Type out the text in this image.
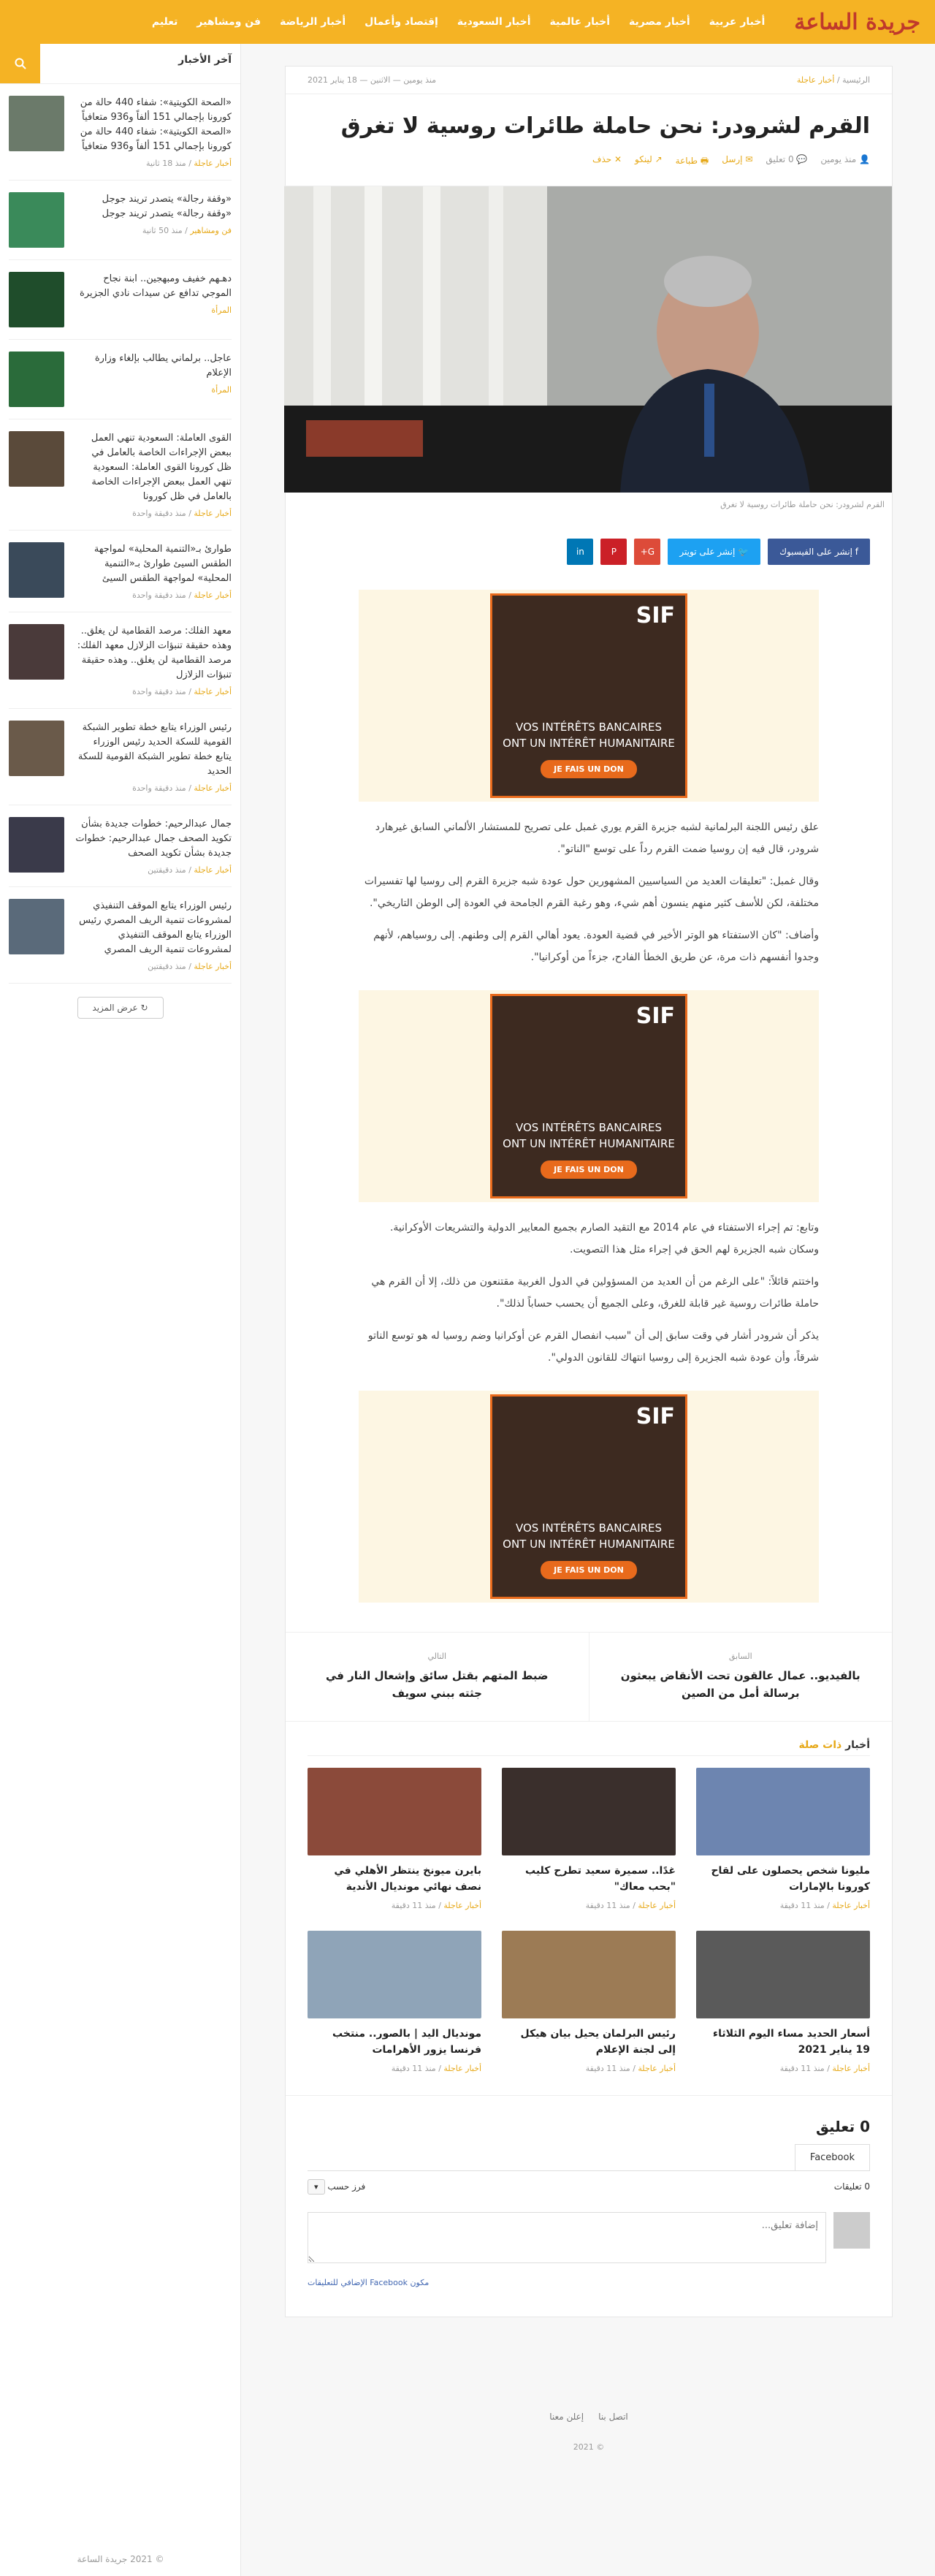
جريدة الساعة
أخبار عربية
أخبار مصرية
أخبار عالمية
أخبار السعودية
إقتصاد وأعمال
أخبار الرياضة
فن ومشاهير
تعليم
آخر الأخبار
«الصحة الكويتية»: شفاء 440 حالة من كورونا بإجمالي 151 ألفاً و936 متعافياً «الصحة الكويتية»: شفاء 440 حالة من كورونا بإجمالي 151 ألفاً و936 متعافياً
أخبار عاجلة / منذ 18 ثانية
«وقفة رجالة» يتصدر تريند جوجل «وقفة رجالة» يتصدر تريند جوجل
فن ومشاهير / منذ 50 ثانية
دهـهم خفيف ومبهجين.. ابنة نجاح الموجي تدافع عن سيدات نادي الجزيرة
المرأة
عاجل.. برلماني يطالب بإلغاء وزارة الإعلام
المرأة
القوى العاملة: السعودية تنهي العمل ببعض الإجراءات الخاصة بالعامل في ظل كورونا القوى العاملة: السعودية تنهي العمل ببعض الإجراءات الخاصة بالعامل في ظل كورونا
أخبار عاجلة / منذ دقيقة واحدة
طوارئ بـ«التنمية المحلية» لمواجهة الطقس السيئ طوارئ بـ«التنمية المحلية» لمواجهة الطقس السيئ
أخبار عاجلة / منذ دقيقة واحدة
معهد الفلك: مرصد القطامية لن يغلق.. وهذه حقيقة تنبؤات الزلازل معهد الفلك: مرصد القطامية لن يغلق.. وهذه حقيقة تنبؤات الزلازل
أخبار عاجلة / منذ دقيقة واحدة
رئيس الوزراء يتابع خطة تطوير الشبكة القومية للسكة الحديد رئيس الوزراء يتابع خطة تطوير الشبكة القومية للسكة الحديد
أخبار عاجلة / منذ دقيقة واحدة
جمال عبدالرحيم: خطوات جديدة بشأن تكويد الصحف جمال عبدالرحيم: خطوات جديدة بشأن تكويد الصحف
أخبار عاجلة / منذ دقيقتين
رئيس الوزراء يتابع الموقف التنفيذي لمشروعات تنمية الريف المصري رئيس الوزراء يتابع الموقف التنفيذي لمشروعات تنمية الريف المصري
أخبار عاجلة / منذ دقيقتين
↻ عرض المزيد
© 2021 جريدة الساعة
الرئيسية / أخبار عاجلة
منذ يومين — الاثنين — 18 يناير 2021
القرم لشرودر: نحن حاملة طائرات روسية لا تغرق
👤 منذ يومين
💬 0 تعليق
✉ إرسل
🖶 طباعة
↗ لينكو
✕ حذف
القرم لشرودر: نحن حاملة طائرات روسية لا تغرق
f
إنشر على الفيسبوك
🐦
إنشر على تويتر
G+
P
in
SIF
VOS INTÉRÊTS BANCAIRES
ONT UN INTÉRÊT HUMANITAIRE
JE FAIS UN DON

علق رئيس اللجنة البرلمانية لشبه جزيرة القرم يوري غمبل على تصريح للمستشار الألماني السابق غيرهارد شرودر، قال فيه إن روسيا ضمت القرم رداً على توسع "الناتو".

وقال غمبل: "تعليقات العديد من السياسيين المشهورين حول عودة شبه جزيرة القرم إلى روسيا لها تفسيرات مختلفة، لكن للأسف كثير منهم ينسون أهم شيء، وهو رغبة القرم الجامحة في العودة إلى الوطن التاريخي".

وأضاف: "كان الاستفتاء هو الوتر الأخير في قضية العودة. يعود أهالي القرم إلى وطنهم. إلى روسياهم، لأنهم وجدوا أنفسهم ذات مرة، عن طريق الخطأ الفادح، جزءاً من أوكرانيا".

SIF
VOS INTÉRÊTS BANCAIRES
ONT UN INTÉRÊT HUMANITAIRE
JE FAIS UN DON

وتابع: تم إجراء الاستفتاء في عام 2014 مع التقيد الصارم بجميع المعايير الدولية والتشريعات الأوكرانية. وسكان شبه الجزيرة لهم الحق في إجراء مثل هذا التصويت.

واختتم قائلاً: "على الرغم من أن العديد من المسؤولين في الدول الغربية مقتنعون من ذلك، إلا أن القرم هي حاملة طائرات روسية غير قابلة للغرق، وعلى الجميع أن يحسب حساباً لذلك".

يذكر أن شرودر أشار في وقت سابق إلى أن "سبب انفصال القرم عن أوكرانيا وضم روسيا له هو توسع الناتو شرقاً، وأن عودة شبه الجزيرة إلى روسيا انتهاك للقانون الدولي".

SIF
VOS INTÉRÊTS BANCAIRES
ONT UN INTÉRÊT HUMANITAIRE
JE FAIS UN DON
السابق
بالفيديو.. عمال عالقون تحت الأنقاض يبعثون برسالة أمل من الصين
التالي
ضبط المتهم بقتل سائق وإشعال النار في جثته ببني سويف
أخبار ذات صلة
مليونا شخص يحصلون على لقاح كورونا بالإمارات
أخبار عاجلة / منذ 11 دقيقة
غدًا.. سميرة سعيد تطرح كليب "بحب معاك"
أخبار عاجلة / منذ 11 دقيقة
بايرن ميونخ ينتظر الأهلي في نصف نهائي مونديال الأندية
أخبار عاجلة / منذ 11 دقيقة
أسعار الحديد مساء اليوم الثلاثاء 19 يناير 2021
أخبار عاجلة / منذ 11 دقيقة
رئيس البرلمان يحيل بيان هيكل إلى لجنة الإعلام
أخبار عاجلة / منذ 11 دقيقة
مونديال اليد | بالصور.. منتخب فرنسا يزور الأهرامات
أخبار عاجلة / منذ 11 دقيقة
0 تعليق
Facebook
0 تعليقات
فرز حسب ▾
إضافة تعليق...
مكون Facebook الإضافي للتعليقات
اتصل بنا
إعلن معنا
© 2021
